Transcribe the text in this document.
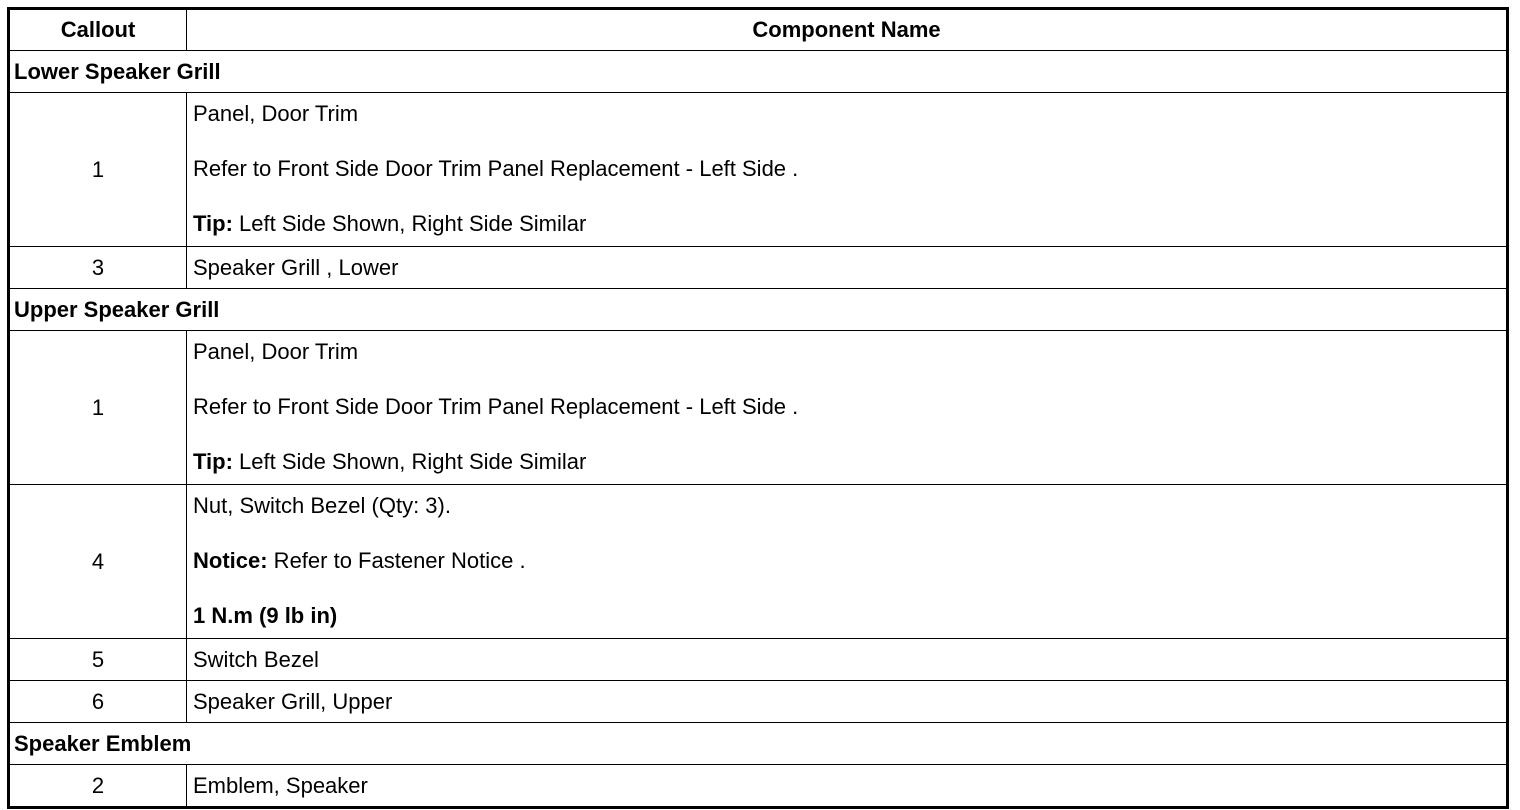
Callout	Component Name
Lower Speaker Grill	
1	Panel, Door Trim

Refer to Front Side Door Trim Panel Replacement - Left Side .

Tip: Left Side Shown, Right Side Similar

3	Speaker Grill , Lower
Upper Speaker Grill	
1	Panel, Door Trim

Refer to Front Side Door Trim Panel Replacement - Left Side .

Tip: Left Side Shown, Right Side Similar

4	Nut, Switch Bezel (Qty: 3).

Notice: Refer to Fastener Notice .

1 N.m (9 lb in)

5	Switch Bezel
6	Speaker Grill, Upper
Speaker Emblem	
2	Emblem, Speaker
